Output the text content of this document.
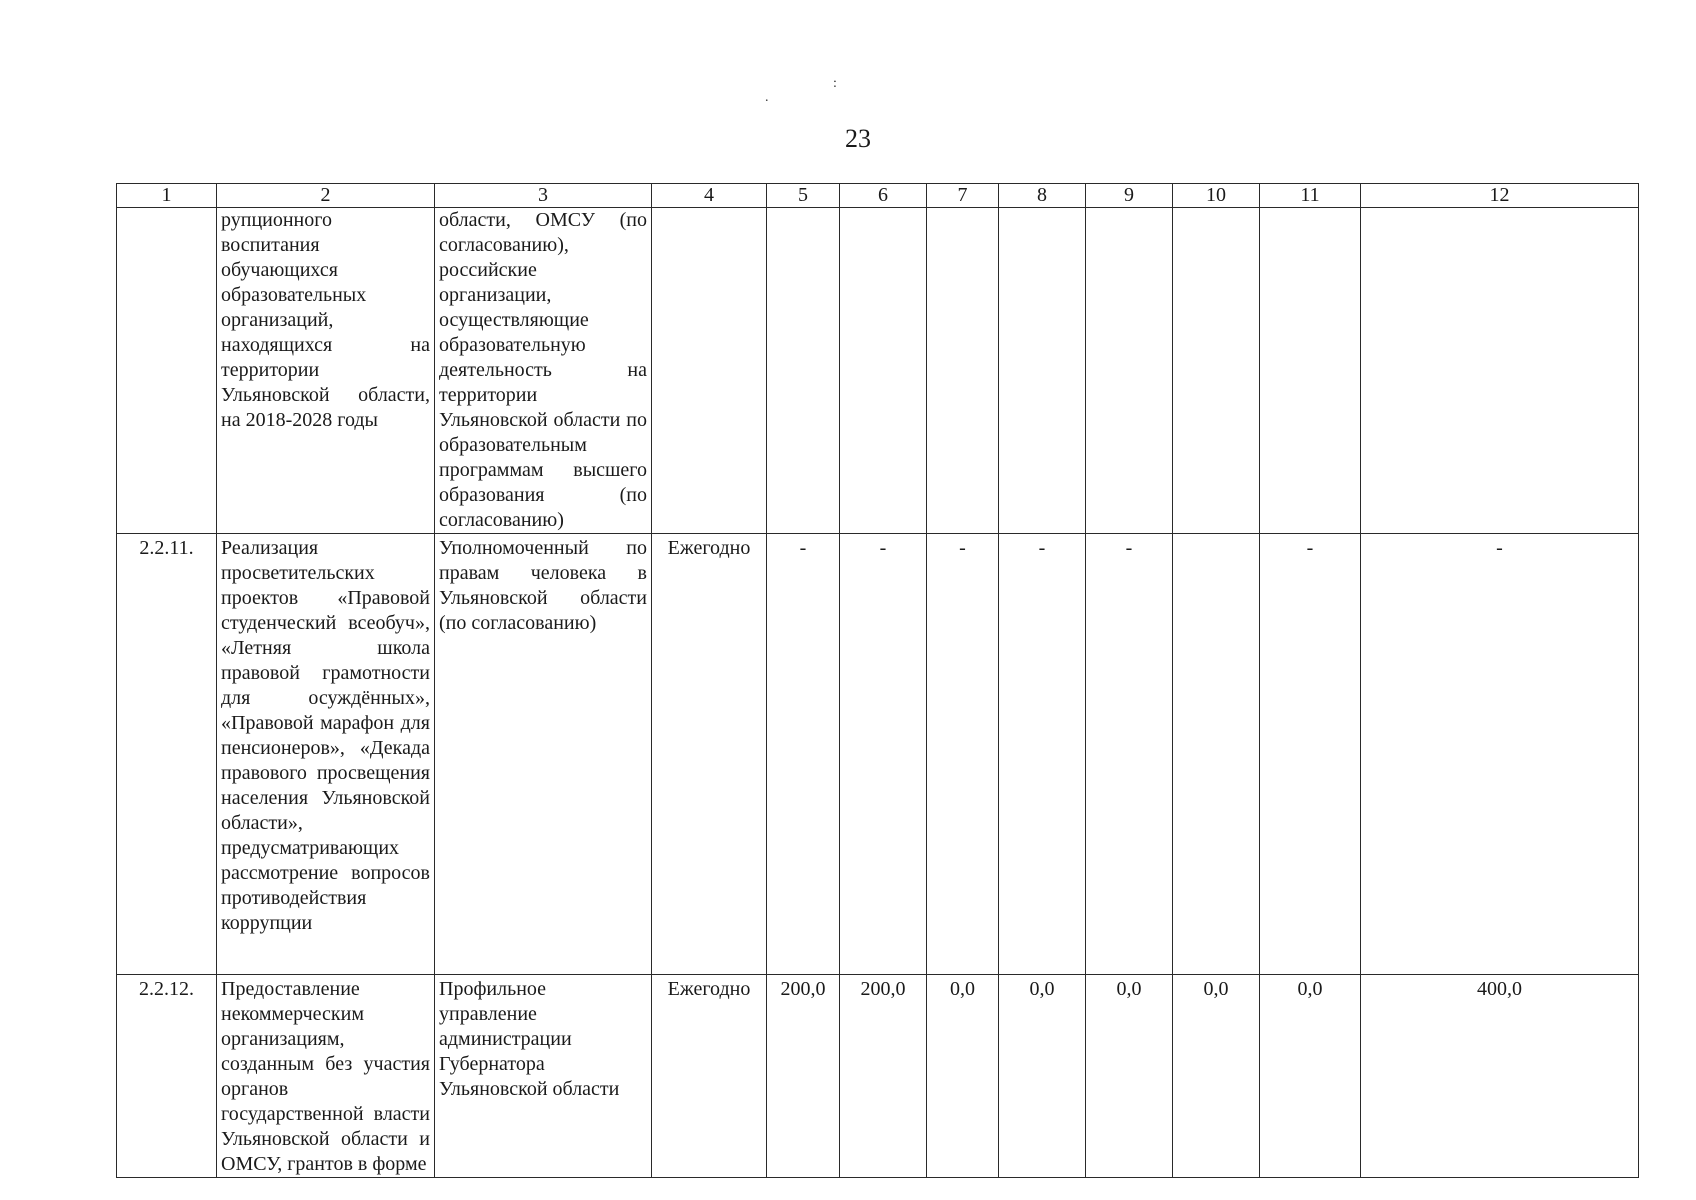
.
:
23
1	2	3	4	5	6	7	8	9	10	11	12
	рупционного воспитания обучающихся образовательных организаций, находящихся на территории Ульяновской области, на 2018-2028 годы	области, ОМСУ (по согласованию), российские организации, осуществляющие образовательную деятельность на территории Ульяновской области по образовательным программам высшего образования (по согласованию)									
2.2.11.	Реализация просветительских проектов «Правовой студенческий всеобуч», «Летняя школа правовой грамотности для осуждённых», «Правовой марафон для пенсионеров», «Декада правового просвещения населения Ульяновской области», предусматривающих рассмотрение вопросов противодействия коррупции	Уполномоченный по правам человека в Ульяновской области (по согласованию)	Ежегодно	-	-	-	-	-		-	-
2.2.12.	Предоставление некоммерческим организациям, созданным без участия органов государственной власти Ульяновской области и ОМСУ, грантов в форме	Профильное управление администрации Губернатора Ульяновской области	Ежегодно	200,0	200,0	0,0	0,0	0,0	0,0	0,0	400,0
